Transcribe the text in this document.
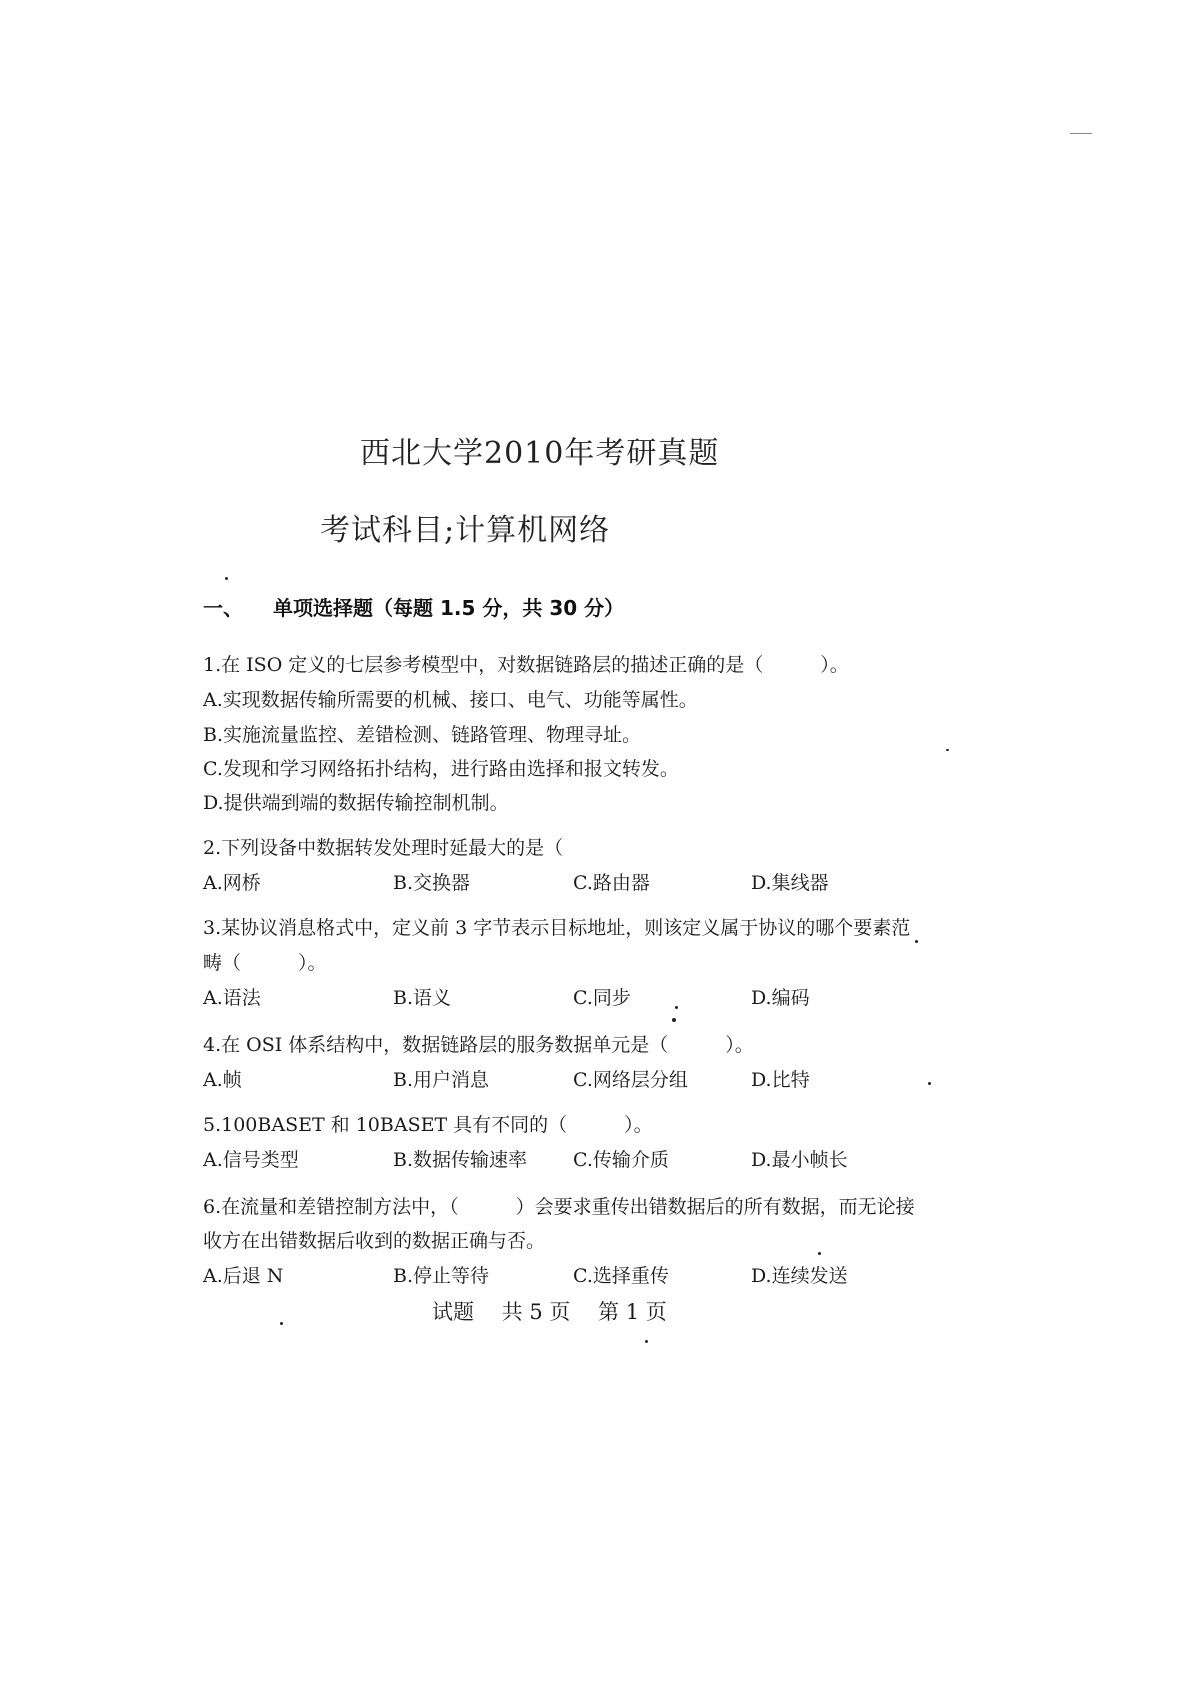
西北大学2010年考研真题
考试科目;计算机网络
一、 单项选择题（每题 1.5 分，共 30 分）
1.在 ISO 定义的七层参考模型中，对数据链路层的描述正确的是（　　　）。
A.实现数据传输所需要的机械、接口、电气、功能等属性。
B.实施流量监控、差错检测、链路管理、物理寻址。
C.发现和学习网络拓扑结构，进行路由选择和报文转发。
D.提供端到端的数据传输控制机制。
2.下列设备中数据转发处理时延最大的是（
A.网桥	B.交换器	C.路由器	D.集线器
3.某协议消息格式中，定义前 3 字节表示目标地址，则该定义属于协议的哪个要素范
畴（　　　）。
A.语法	B.语义	C.同步	D.编码
4.在 OSI 体系结构中，数据链路层的服务数据单元是（　　　）。
A.帧	B.用户消息	C.网络层分组	D.比特
5.100BASET 和 10BASET 具有不同的（　　　）。
A.信号类型	B.数据传输速率 C.传输介质	D.最小帧长
6.在流量和差错控制方法中，（　　　）会要求重传出错数据后的所有数据，而无论接
收方在出错数据后收到的数据正确与否。
A.后退 N	B.停止等待	C.选择重传	D.连续发送
试题　 共 5 页　 第 1 页
